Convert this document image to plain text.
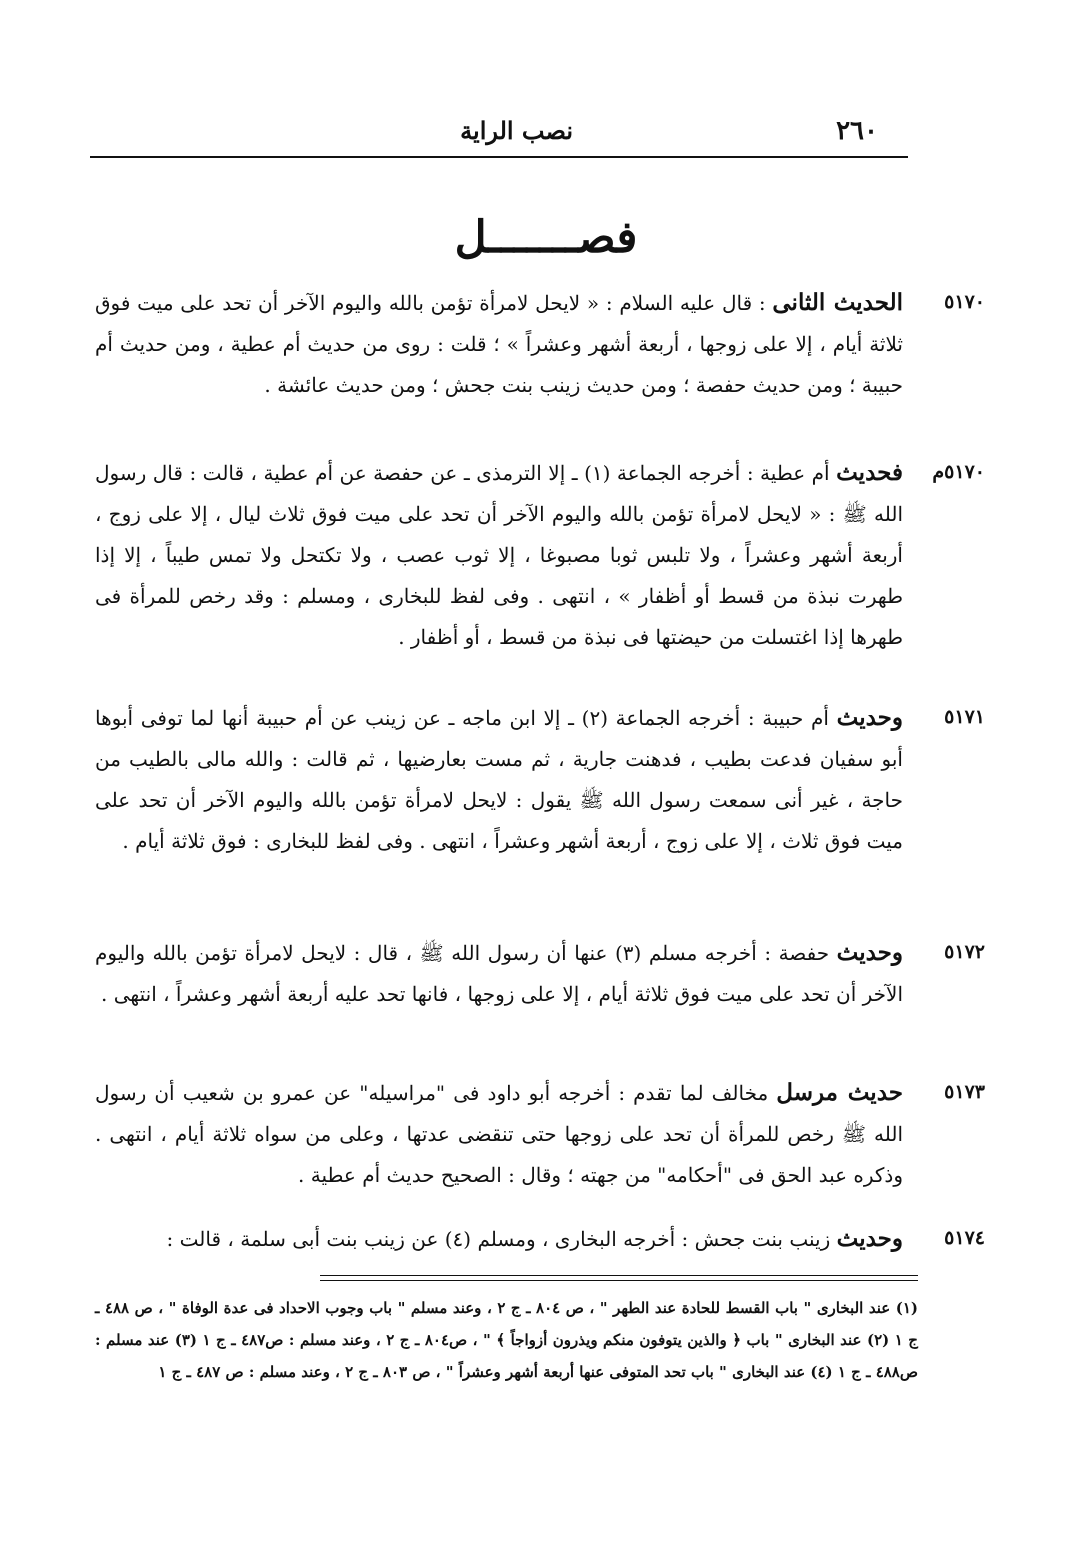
٢٦٠
نصب الراية
فصـــــــل
٥١٧٠
الحديث الثانى : قال عليه السلام : « لايحل لامرأة تؤمن بالله واليوم الآخر أن تحد على ميت فوق ثلاثة أيام ، إلا على زوجها ، أربعة أشهر وعشراً » ؛ قلت : روى من حديث أم عطية ، ومن حديث أم حبيبة ؛ ومن حديث حفصة ؛ ومن حديث زينب بنت جحش ؛ ومن حديث عائشة .
٥١٧٠م
فحديث أم عطية : أخرجه الجماعة (١) ـ إلا الترمذى ـ عن حفصة عن أم عطية ، قالت : قال رسول الله ﷺ : « لايحل لامرأة تؤمن بالله واليوم الآخر أن تحد على ميت فوق ثلاث ليال ، إلا على زوج ، أربعة أشهر وعشراً ، ولا تلبس ثوبا مصبوغا ، إلا ثوب عصب ، ولا تكتحل ولا تمس طيباً ، إلا إذا طهرت نبذة من قسط أو أظفار » ، انتهى . وفى لفظ للبخارى ، ومسلم : وقد رخص للمرأة فى طهرها إذا اغتسلت من حيضتها فى نبذة من قسط ، أو أظفار .
٥١٧١
وحديث أم حبيبة : أخرجه الجماعة (٢) ـ إلا ابن ماجه ـ عن زينب عن أم حبيبة أنها لما توفى أبوها أبو سفيان فدعت بطيب ، فدهنت جارية ، ثم مست بعارضيها ، ثم قالت : والله مالى بالطيب من حاجة ، غير أنى سمعت رسول الله ﷺ يقول : لايحل لامرأة تؤمن بالله واليوم الآخر أن تحد على ميت فوق ثلاث ، إلا على زوج ، أربعة أشهر وعشراً ، انتهى . وفى لفظ للبخارى : فوق ثلاثة أيام .
٥١٧٢
وحديث حفصة : أخرجه مسلم (٣) عنها أن رسول الله ﷺ ، قال : لايحل لامرأة تؤمن بالله واليوم الآخر أن تحد على ميت فوق ثلاثة أيام ، إلا على زوجها ، فانها تحد عليه أربعة أشهر وعشراً ، انتهى .
٥١٧٣
حديث مرسل مخالف لما تقدم : أخرجه أبو داود فى "مراسيله" عن عمرو بن شعيب أن رسول الله ﷺ رخص للمرأة أن تحد على زوجها حتى تنقضى عدتها ، وعلى من سواه ثلاثة أيام ، انتهى . وذكره عبد الحق فى "أحكامه" من جهته ؛ وقال : الصحيح حديث أم عطية .
٥١٧٤
وحديث زينب بنت جحش : أخرجه البخارى ، ومسلم (٤) عن زينب بنت أبى سلمة ، قالت :
(١) عند البخارى " باب القسط للحادة عند الطهر " ، ص ٨٠٤ ـ ج ٢ ، وعند مسلم " باب وجوب الاحداد فى عدة الوفاة " ، ص ٤٨٨ ـ ج ١ (٢) عند البخارى " باب ﴿ والذين يتوفون منكم ويذرون أزواجاً ﴾ " ، ص٨٠٤ ـ ج ٢ ، وعند مسلم : ص٤٨٧ ـ ج ١ (٣) عند مسلم : ص٤٨٨ ـ ج ١ (٤) عند البخارى " باب تحد المتوفى عنها أربعة أشهر وعشراً " ، ص ٨٠٣ ـ ج ٢ ، وعند مسلم : ص ٤٨٧ ـ ج ١
